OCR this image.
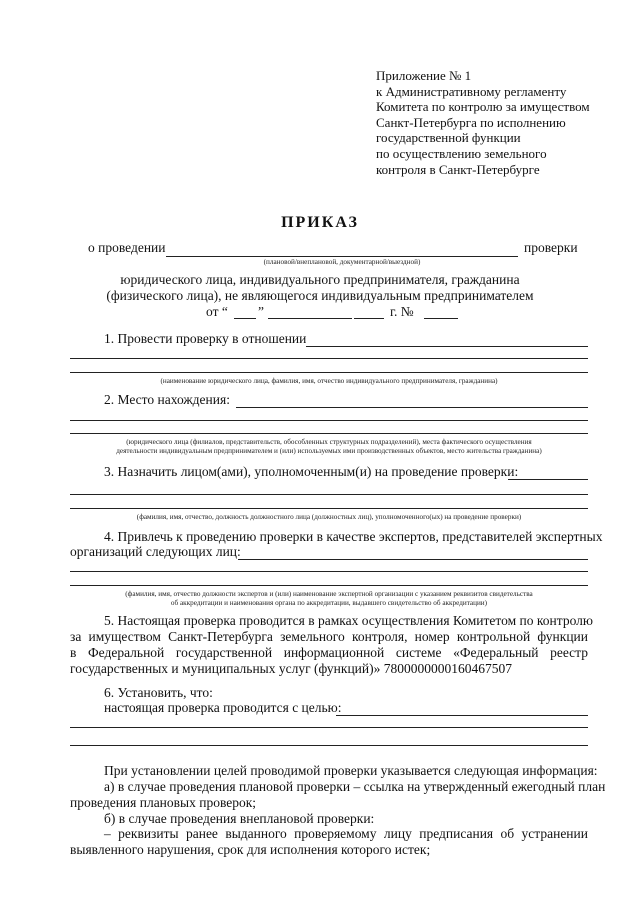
Приложение № 1
к Административному регламенту
Комитета по контролю за имуществом
Санкт-Петербурга по исполнению
государственной функции
по осуществлению земельного
контроля в Санкт-Петербурге
ПРИКАЗ
о проведении	проверки
(плановой/внеплановой, документарной/выездной)
юридического лица, индивидуального предпринимателя, гражданина
(физического лица), не являющегося индивидуальным предпринимателем
от “ ”	г. №
1. Провести проверку в отношении
(наименование юридического лица, фамилия, имя, отчество индивидуального предпринимателя, гражданина)
2. Место нахождения:
(юридического лица (филиалов, представительств, обособленных структурных подразделений), места фактического осуществления
деятельности индивидуальным предпринимателем и (или) используемых ими производственных объектов, место жительства гражданина)
3. Назначить лицом(ами), уполномоченным(и) на проведение проверки:
(фамилия, имя, отчество, должность должностного лица (должностных лиц), уполномоченного(ых) на проведение проверки)
4. Привлечь к проведению проверки в качестве экспертов, представителей экспертных
организаций следующих лиц:
(фамилия, имя, отчество должности экспертов и (или) наименование экспертной организации с указанием реквизитов свидетельства
об аккредитации и наименования органа по аккредитации, выдавшего свидетельство об аккредитации)
5. Настоящая проверка проводится в рамках осуществления Комитетом по контролю
за имуществом Санкт-Петербурга земельного контроля, номер контрольной функции
в Федеральной государственной информационной системе «Федеральный реестр
государственных и муниципальных услуг (функций)» 7800000000160467507
6. Установить, что:
настоящая проверка проводится с целью:
При установлении целей проводимой проверки указывается следующая информация:
а) в случае проведения плановой проверки – ссылка на утвержденный ежегодный план
проведения плановых проверок;
б) в случае проведения внеплановой проверки:
– реквизиты ранее выданного проверяемому лицу предписания об устранении
выявленного нарушения, срок для исполнения которого истек;
